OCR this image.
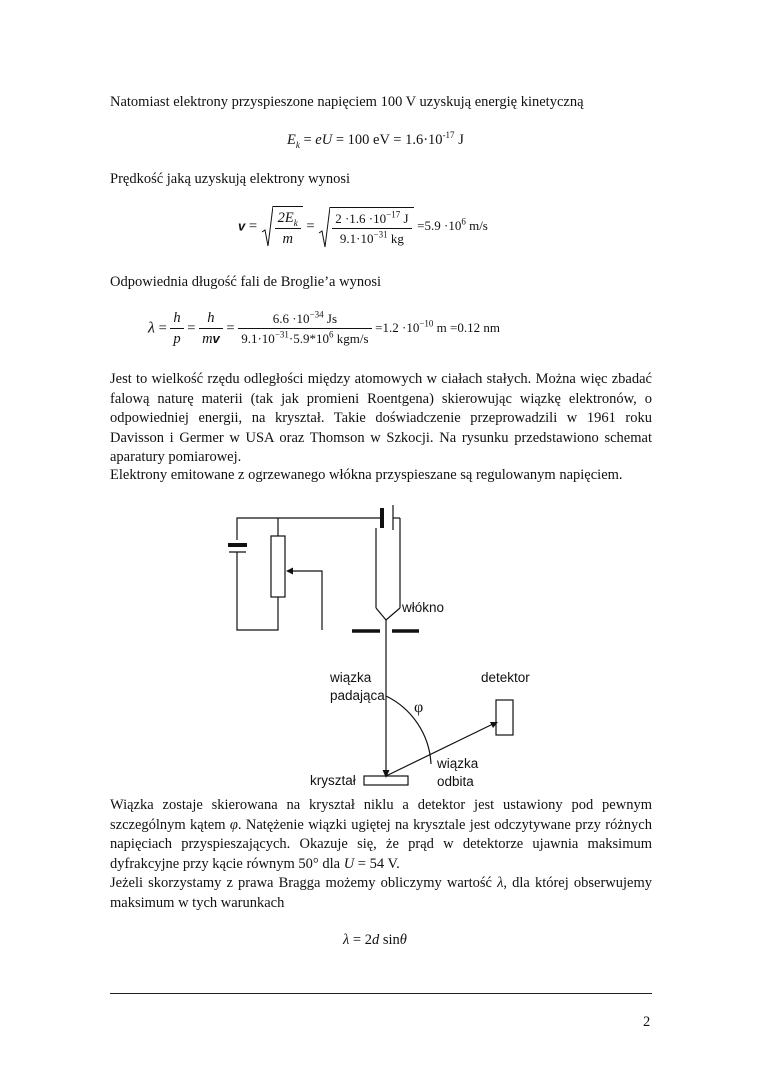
Natomiast elektrony przyspieszone napięciem 100 V uzyskują energię kinetyczną
$E_k$ = eU = 100 eV = $1.6\cdot 10^{-17}$ J
Prędkość jaką uzyskują elektrony wynosi
$v = \frac{2E_k}{m} = \frac{2 \cdot 1.6 \cdot 10^{-17} J}{9.1\cdot 10^{-31} kg} =5.9 \cdot 10^6$ m/s
Odpowiednia długość fali de Broglie’a wynosi
$\lambda = \frac{h}{p} = \frac{h}{mv} = \frac{6.6 \cdot 10^{-34} Js}{9.1\cdot 10^{-31}\cdot 5.9*10^6 kgm/s} =1.2 \cdot 10^{-10}$ m =0.12 nm
Jest to wielkość rzędu odległości między atomowych w ciałach stałych. Można więc zbadać falową naturę materii (tak jak promieni Roentgena) skierowując wiązkę elektronów, o odpowiedniej energii, na kryształ. Takie doświadczenie przeprowadzili w 1961 roku Davisson i Germer w USA oraz Thomson w Szkocji. Na rysunku przedstawiono schemat aparatury pomiarowej.
Elektrony emitowane z ogrzewanego włókna przyspieszane są regulowanym napięciem.
włókno
wiązka
padająca
φ
detektor
wiązka
odbita
kryształ
Wiązka zostaje skierowana na kryształ niklu a detektor jest ustawiony pod pewnym szczególnym kątem φ. Natężenie wiązki ugiętej na krysztale jest odczytywane przy różnych napięciach przyspieszających. Okazuje się, że prąd w detektorze ujawnia maksimum dyfrakcyjne przy kącie równym 50° dla U = 54 V.
Jeżeli skorzystamy z prawa Bragga możemy obliczymy wartość λ, dla której obserwujemy maksimum w tych warunkach
λ = 2d sinθ
2
